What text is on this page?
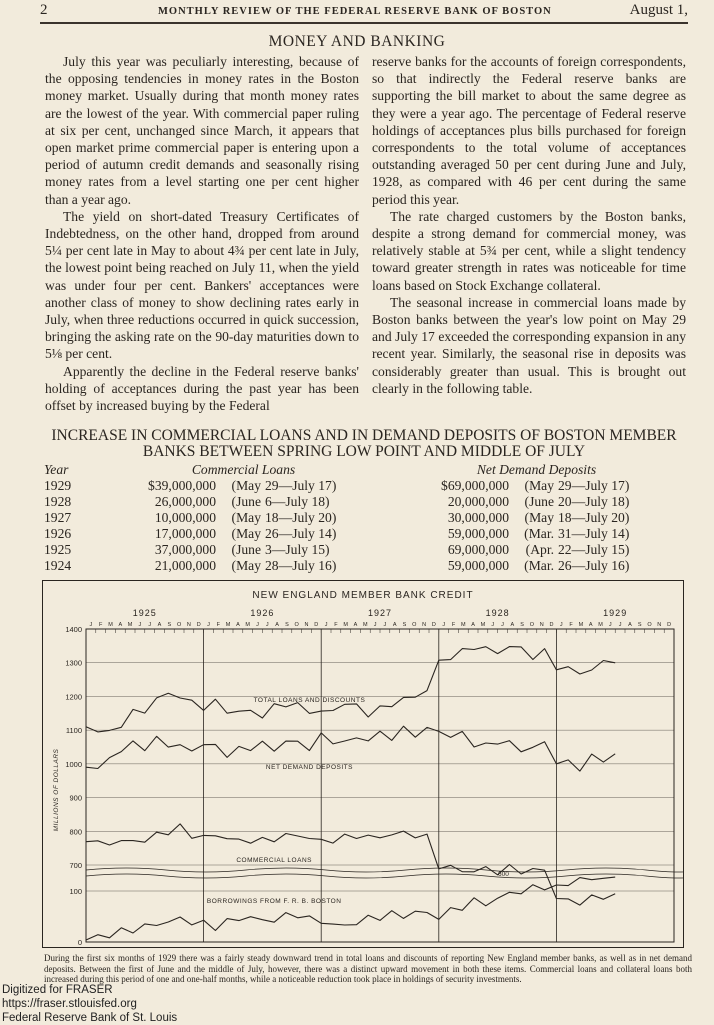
2	MONTHLY REVIEW OF THE FEDERAL RESERVE BANK OF BOSTON	August 1,
MONEY AND BANKING

July this year was peculiarly interesting, because of the opposing tendencies in money rates in the Boston money market. Usually during that month money rates are the lowest of the year. With commercial paper ruling at six per cent, unchanged since March, it appears that open market prime commercial paper is entering upon a period of autumn credit demands and seasonally rising money rates from a level starting one per cent higher than a year ago.

The yield on short-dated Treasury Certificates of Indebtedness, on the other hand, dropped from around 5¼ per cent late in May to about 4¾ per cent late in July, the lowest point being reached on July 11, when the yield was under four per cent. Bankers' acceptances were another class of money to show declining rates early in July, when three reductions occurred in quick succession, bringing the asking rate on the 90-day maturities down to 5⅛ per cent.

Apparently the decline in the Federal reserve banks' holding of acceptances during the past year has been offset by increased buying by the Federal

reserve banks for the accounts of foreign correspondents, so that indirectly the Federal reserve banks are supporting the bill market to about the same degree as they were a year ago. The percentage of Federal reserve holdings of acceptances plus bills purchased for foreign correspondents to the total volume of acceptances outstanding averaged 50 per cent during June and July, 1928, as compared with 46 per cent during the same period this year.

The rate charged customers by the Boston banks, despite a strong demand for commercial money, was relatively stable at 5¾ per cent, while a slight tendency toward greater strength in rates was noticeable for time loans based on Stock Exchange collateral.

The seasonal increase in commercial loans made by Boston banks between the year's low point on May 29 and July 17 exceeded the corresponding expansion in any recent year. Similarly, the seasonal rise in deposits was considerably greater than usual. This is brought out clearly in the following table.

INCREASE IN COMMERCIAL LOANS AND IN DEMAND DEPOSITS OF BOSTON MEMBER
BANKS BETWEEN SPRING LOW POINT AND MIDDLE OF JULY
Year	Commercial Loans			Net Demand Deposits		
1929	$39,000,000	(May	29—July 17)	$69,000,000	(May	29—July 17)
1928	26,000,000	(June	6—July 18)	20,000,000	(June	20—July 18)
1927	10,000,000	(May	18—July 20)	30,000,000	(May	18—July 20)
1926	17,000,000	(May	26—July 14)	59,000,000	(Mar.	31—July 14)
1925	37,000,000	(June	3—July 15)	69,000,000	(Apr.	22—July 15)
1924	21,000,000	(May	28—July 16)	59,000,000	(Mar.	26—July 16)
NEW ENGLAND MEMBER BANK CREDIT
1400
1300
1200
1100
1000
900
800
700
100
0
MILLIONS OF DOLLARS
1925
J F M A M J J A S O N D
1926
J F M A M J J A S O N D
1927
J F M A M J J A S O N D
1928
J F M A M J J A S O N D
1929
J F M A M J J A S O N D
TOTAL LOANS AND DISCOUNTS
NET DEMAND DEPOSITS
COMMERCIAL LOANS
BORROWINGS FROM F. R. B. BOSTON
600
During the first six months of 1929 there was a fairly steady downward trend in total loans and discounts of reporting New England member banks, as well as in net demand deposits. Between the first of June and the middle of July, however, there was a distinct upward movement in both these items. Commercial loans and collateral loans both increased during this period of one and one-half months, while a noticeable reduction took place in holdings of security investments.
Digitized for FRASER
https://fraser.stlouisfed.org
Federal Reserve Bank of St. Louis
